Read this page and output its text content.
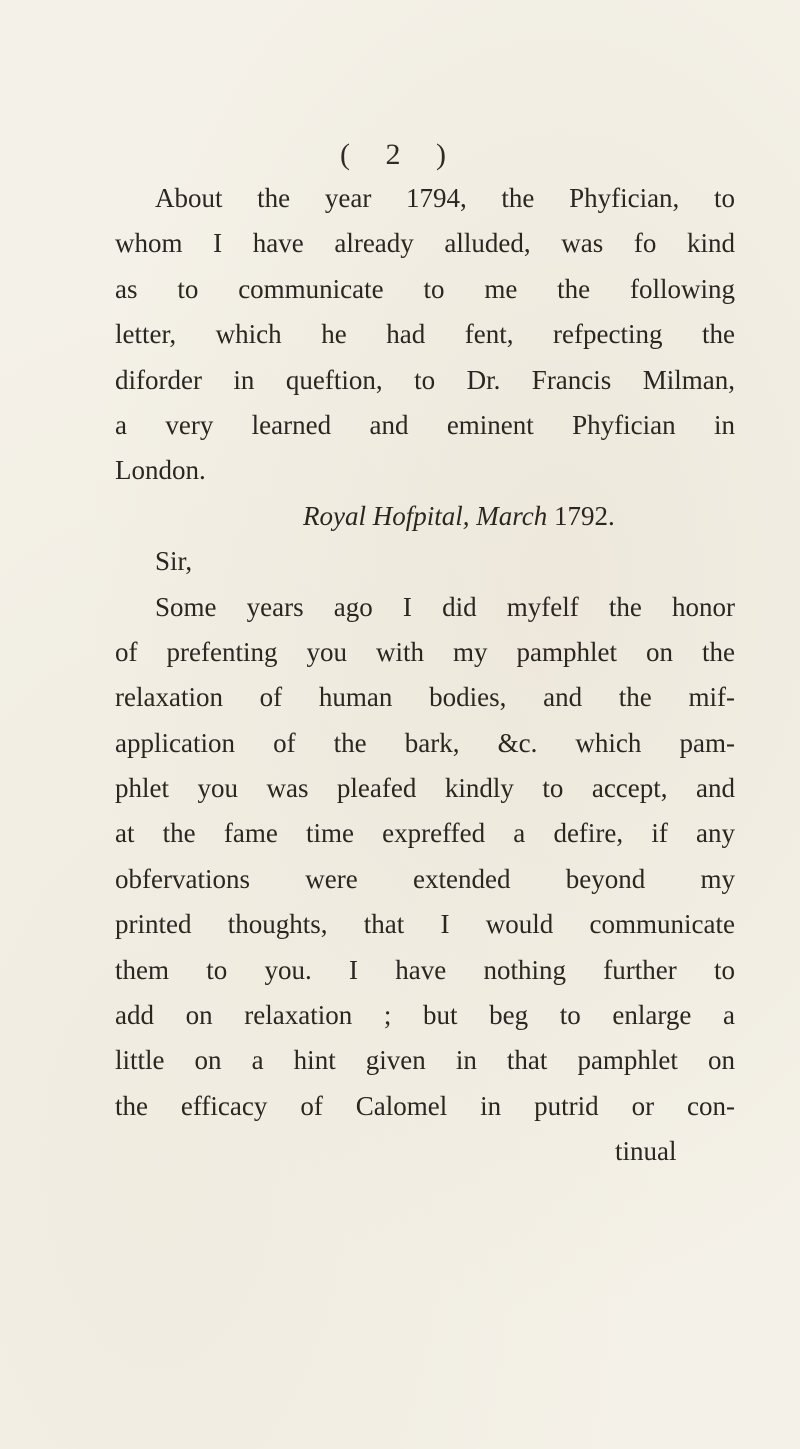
( 2 )
About the year 1794, the Phyfician, to
whom I have already alluded, was fo kind
as to communicate to me the following
letter, which he had fent, refpecting the
diforder in queftion, to Dr. Francis Milman,
a very learned and eminent Phyfician in
London.
Royal Hofpital, March 1792.
Sir,
Some years ago I did myfelf the honor
of prefenting you with my pamphlet on the
relaxation of human bodies, and the mif-
application of the bark, &c. which pam-
phlet you was pleafed kindly to accept, and
at the fame time expreffed a defire, if any
obfervations were extended beyond my
printed thoughts, that I would communicate
them to you. I have nothing further to
add on relaxation ; but beg to enlarge a
little on a hint given in that pamphlet on
the efficacy of Calomel in putrid or con-
tinual
